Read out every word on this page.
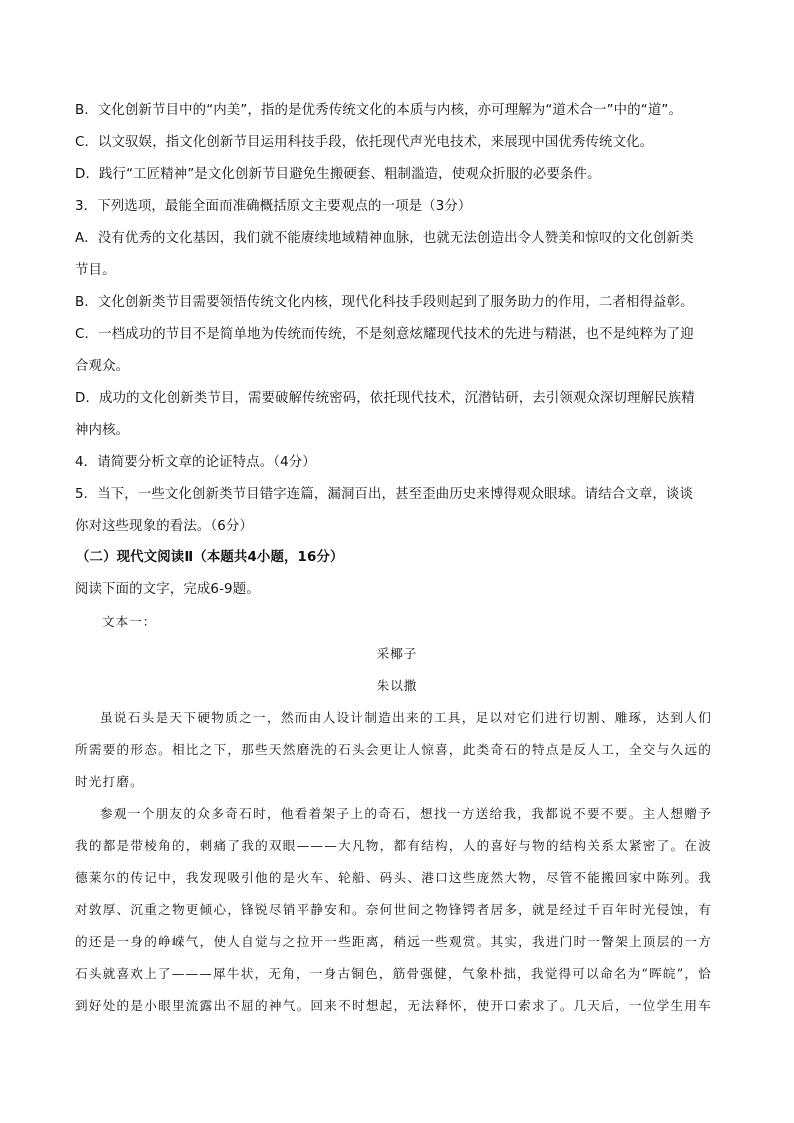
B．文化创新节目中的“内美”，指的是优秀传统文化的本质与内核，亦可理解为“道术合一”中的“道”。
C．以文驭娱，指文化创新节目运用科技手段，依托现代声光电技术，来展现中国优秀传统文化。
D．践行“工匠精神”是文化创新节目避免生搬硬套、粗制滥造，使观众折服的必要条件。
3．下列选项，最能全面而准确概括原文主要观点的一项是（3分）
A．没有优秀的文化基因，我们就不能赓续地域精神血脉，也就无法创造出令人赞美和惊叹的文化创新类
节目。
B．文化创新类节目需要领悟传统文化内核，现代化科技手段则起到了服务助力的作用，二者相得益彰。
C．一档成功的节目不是简单地为传统而传统，不是刻意炫耀现代技术的先进与精湛，也不是纯粹为了迎
合观众。
D．成功的文化创新类节目，需要破解传统密码，依托现代技术，沉潜钻研，去引领观众深切理解民族精
神内核。
4．请简要分析文章的论证特点。（4分）
5．当下，一些文化创新类节目错字连篇，漏洞百出，甚至歪曲历史来博得观众眼球。请结合文章，谈谈
你对这些现象的看法。（6分）
（二）现代文阅读Ⅱ（本题共4小题，16分）
阅读下面的文字，完成6-9题。
文本一：
采椰子
朱以撒
虽说石头是天下硬物质之一，然而由人设计制造出来的工具，足以对它们进行切割、雕琢，达到人们
所需要的形态。相比之下，那些天然磨洗的石头会更让人惊喜，此类奇石的特点是反人工，全交与久远的
时光打磨。
参观一个朋友的众多奇石时，他看着架子上的奇石，想找一方送给我，我都说不要不要。主人想赠予
我的都是带棱角的，刺痛了我的双眼———大凡物，都有结构，人的喜好与物的结构关系太紧密了。在波
德莱尔的传记中，我发现吸引他的是火车、轮船、码头、港口这些庞然大物，尽管不能搬回家中陈列。我
对敦厚、沉重之物更倾心，锋锐尽销平静安和。奈何世间之物锋锷者居多，就是经过千百年时光侵蚀，有
的还是一身的峥嵘气，使人自觉与之拉开一些距离，稍远一些观赏。其实，我进门时一瞥架上顶层的一方
石头就喜欢上了———犀牛状，无角，一身古铜色，筋骨强健，气象朴拙，我觉得可以命名为“晖皖”，恰
到好处的是小眼里流露出不屈的神气。回来不时想起，无法释怀，使开口索求了。几天后，一位学生用车
